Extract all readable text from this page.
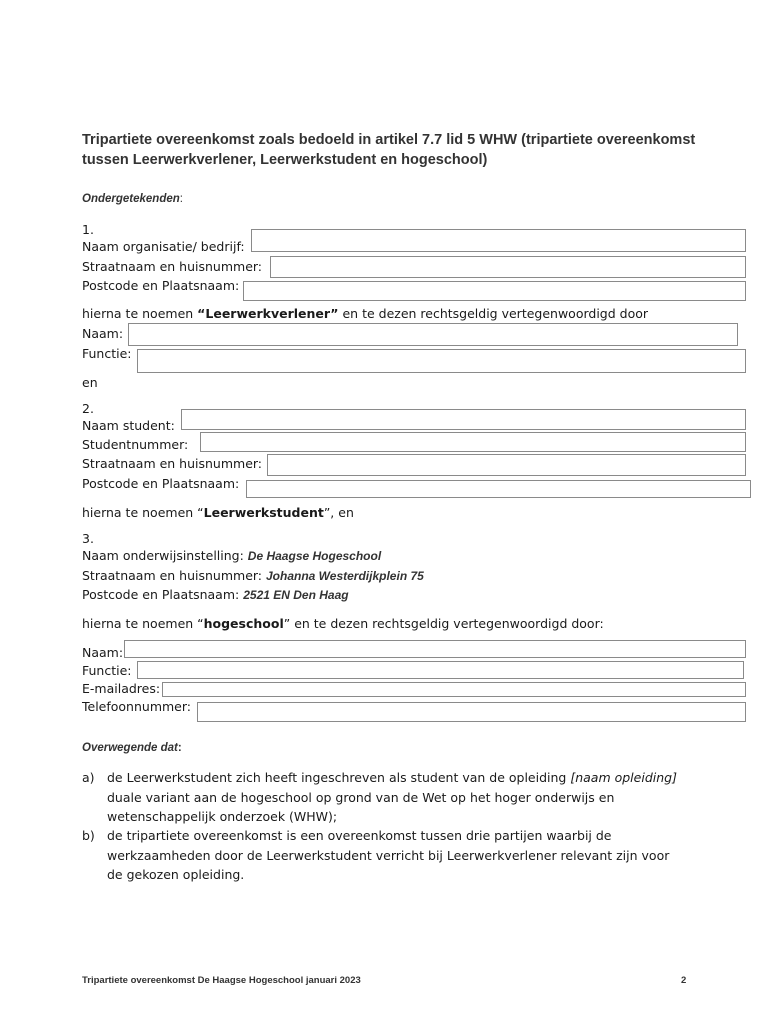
Tripartiete overeenkomst zoals bedoeld in artikel 7.7 lid 5 WHW (tripartiete overeenkomst tussen Leerwerkverlener, Leerwerkstudent en hogeschool)
Ondergetekenden:
1.
Naam organisatie/ bedrijf:
Straatnaam en huisnummer:
Postcode en Plaatsnaam:
hierna te noemen “Leerwerkverlener” en te dezen rechtsgeldig vertegenwoordigd door
Naam:
Functie:
en
2.
Naam student:
Studentnummer:
Straatnaam en huisnummer:
Postcode en Plaatsnaam:
hierna te noemen “Leerwerkstudent”, en
3.
Naam onderwijsinstelling: De Haagse Hogeschool
Straatnaam en huisnummer: Johanna Westerdijkplein 75
Postcode en Plaatsnaam: 2521 EN Den Haag
hierna te noemen “hogeschool” en te dezen rechtsgeldig vertegenwoordigd door:
Naam:
Functie:
E-mailadres:
Telefoonnummer:
Overwegende dat:
a) de Leerwerkstudent zich heeft ingeschreven als student van de opleiding [naam opleiding]
duale variant aan de hogeschool op grond van de Wet op het hoger onderwijs en
wetenschappelijk onderzoek (WHW);
b) de tripartiete overeenkomst is een overeenkomst tussen drie partijen waarbij de
werkzaamheden door de Leerwerkstudent verricht bij Leerwerkverlener relevant zijn voor
de gekozen opleiding.
Tripartiete overeenkomst De Haagse Hogeschool januari 2023	2
